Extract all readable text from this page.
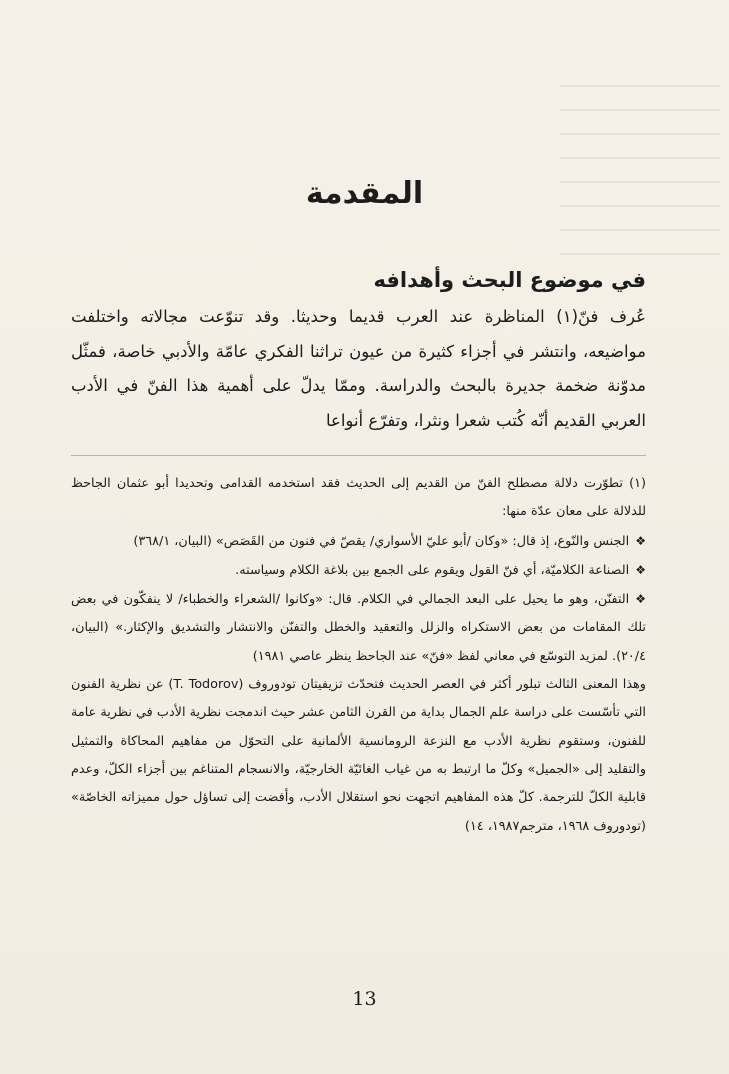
المقدمة
في موضوع البحث وأهدافه

عُرف فنّ(١) المناظرة عند العرب قديما وحديثا. وقد تنوّعت مجالاته واختلفت مواضيعه، وانتشر في أجزاء كثيرة من عيون تراثنا الفكري عامّة والأدبي خاصة، فمثّل مدوّنة ضخمة جديرة بالبحث والدراسة. وممّا يدلّ على أهمية هذا الفنّ في الأدب العربي القديم أنّه كُتب شعرا ونثرا، وتفرّع أنواعا

(١) تطوّرت دلالة مصطلح الفنّ من القديم إلى الحديث فقد استخدمه القدامى وتحديدا أبو عثمان الجاحظ للدلالة على معان عدّة منها:

❖الجنس والنّوع، إذ قال: «وكان /أبو عليّ الأسواري/ يقصّ في فنون من القَصَص» (البيان، ٣٦٨/١)

❖الصناعة الكلاميّة، أي فنّ القول ويقوم على الجمع بين بلاغة الكلام وسياسته.

❖التفنّن، وهو ما يحيل على البعد الجمالي في الكلام. قال: «وكانوا /الشعراء والخطباء/ لا ينفكّون في بعض تلك المقامات من بعض الاستكراه والزلل والتعقيد والخطل والتفنّن والانتشار والتشديق والإكثار.» (البيان، ٢٠/٤). لمزيد التوسّع في معاني لفظ «فنّ» عند الجاحظ ينظر عاصي ١٩٨١)

وهذا المعنى الثالث تبلور أكثر في العصر الحديث فتحدّث تزيفيتان تودوروف (T. Todorov) عن نظرية الفنون التي تأسّست على دراسة علم الجمال بداية من القرن الثامن عشر حيث اندمجت نظرية الأدب في نظرية عامة للفنون، وستقوم نظرية الأدب مع النزعة الرومانسية الألمانية على التحوّل من مفاهيم المحاكاة والتمثيل والتقليد إلى «الجميل» وكلّ ما ارتبط به من غياب الغائيّة الخارجيّة، والانسجام المتناغم بين أجزاء الكلّ، وعدم قابلية الكلّ للترجمة. كلّ هذه المفاهيم اتجهت نحو استقلال الأدب، وأفضت إلى تساؤل حول مميزاته الخاصّة» (تودوروف ١٩٦٨، مترجم١٩٨٧، ١٤)

13
